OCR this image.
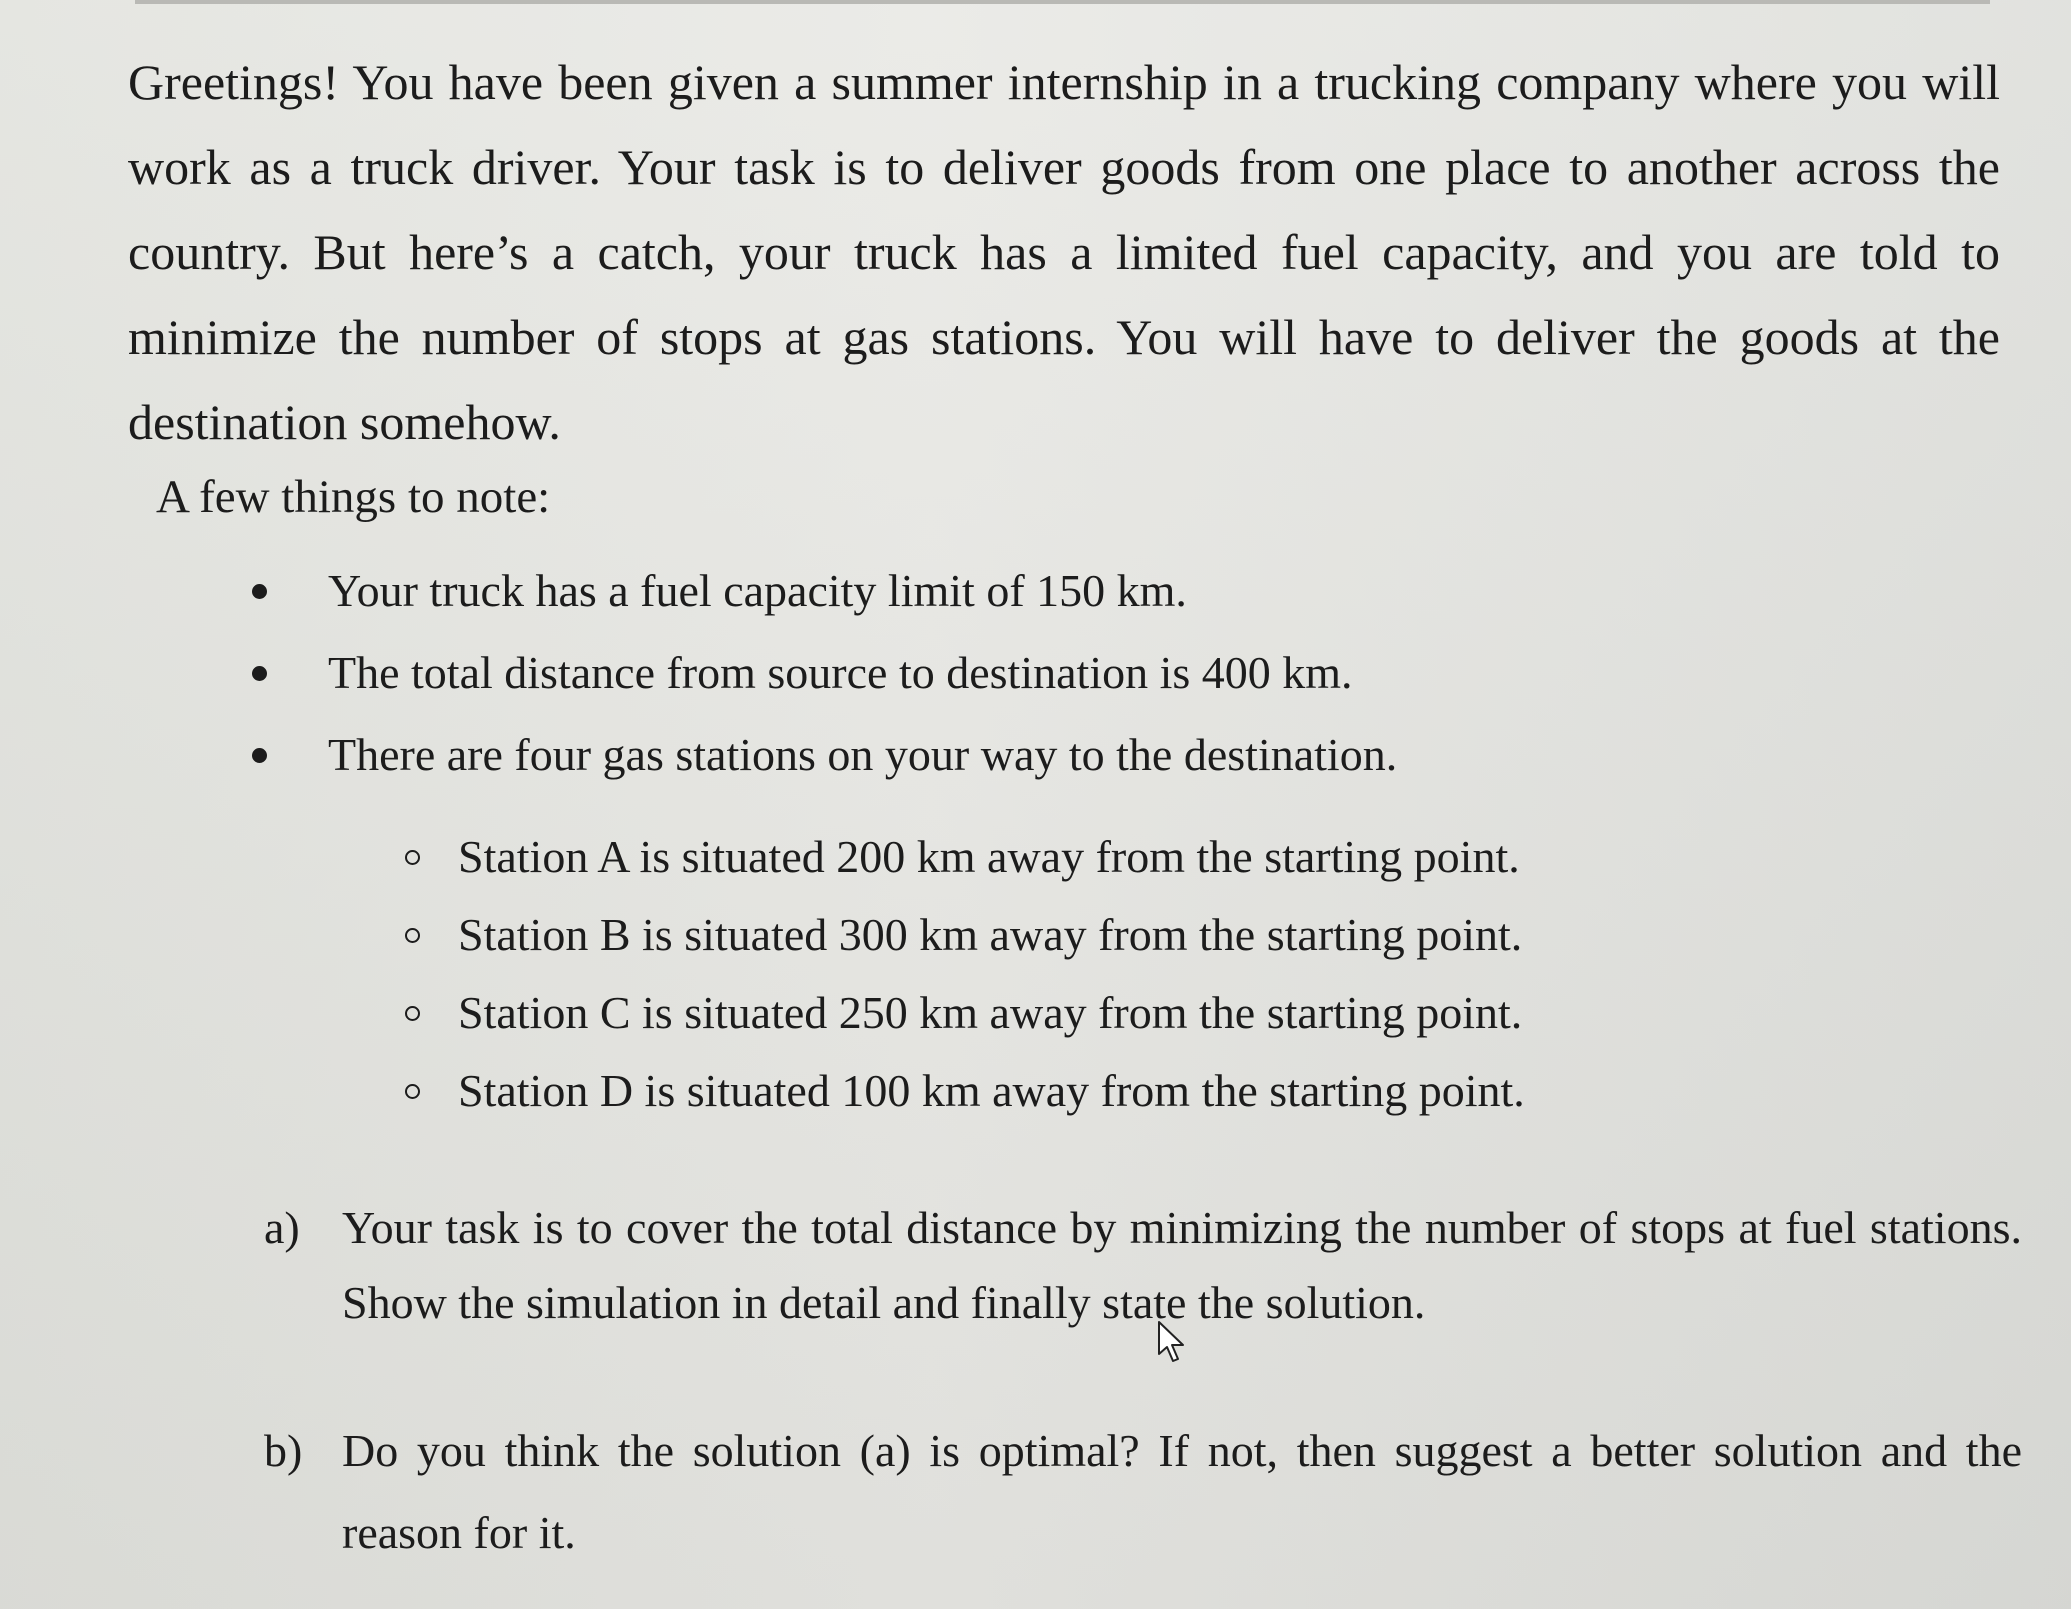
Greetings! You have been given a summer internship in a trucking company where you will work as a truck driver. Your task is to deliver goods from one place to another across the country. But here’s a catch, your truck has a limited fuel capacity, and you are told to minimize the number of stops at gas stations. You will have to deliver the goods at the destination somehow.

A few things to note:

Your truck has a fuel capacity limit of 150 km.
The total distance from source to destination is 400 km.
There are four gas stations on your way to the destination.
Station A is situated 200 km away from the starting point.
Station B is situated 300 km away from the starting point.
Station C is situated 250 km away from the starting point.
Station D is situated 100 km away from the starting point.
a) Your task is to cover the total distance by minimizing the number of stops at fuel stations. Show the simulation in detail and finally state the solution.
b) Do you think the solution (a) is optimal? If not, then suggest a better solution and the reason for it.
